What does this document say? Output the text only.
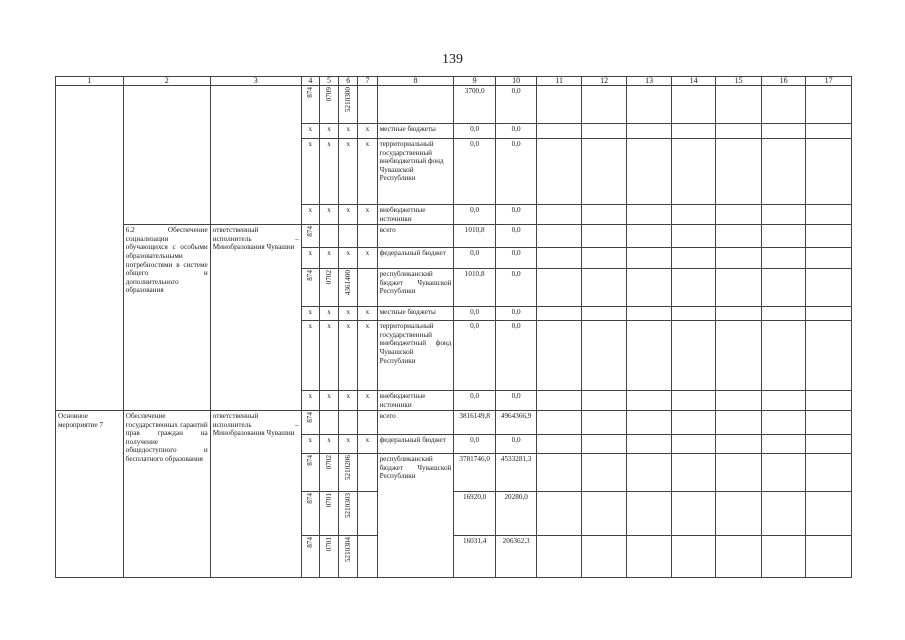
139
1	2	3	4	5	6	7	8	9	10	11	12	13	14	15	16	17
			874	0709	5210300			3700,0	0,0							
			x	x	x	x	местные бюджеты	0,0	0,0							
			x	x	x	x	территориальный государственный внебюджетный фонд Чувашской Республики	0,0	0,0							
			x	x	x	x	внебюджетные источники	0,0	0,0							
	6.2 Обеспечение социализации обучающихся с особыми образовательными потребностями в системе общего и дополнительного образования	ответственный исполнитель – Минобразования Чувашии	874				всего	1010,8	0,0							
			x	x	x	x	федеральный бюджет	0,0	0,0							
			874	0702	4361400		республиканский бюджет Чувашской Республики	1010,8	0,0							
			x	x	x	x	местные бюджеты	0,0	0,0							
			x	x	x	x	территориальный государственный внебюджетный фонд Чувашской Республики	0,0	0,0							
			x	x	x	x	внебюджетные источники	0,0	0,0							
Основное мероприятие 7	Обеспечение государственных гарантий прав граждан на получение общедоступного и бесплатного образования	ответственный исполнитель – Минобразования Чувашии	874				всего	3816149,8	4964366,9							
			x	x	x	x	федеральный бюджет	0,0	0,0							
			874	0702	5210206		республиканский бюджет Чувашской Республики	3781746,0	4533281,3							
			874	0701	5210303			16920,0	20280,0							
			874	0701	5210304			16031,4	206362,3							
